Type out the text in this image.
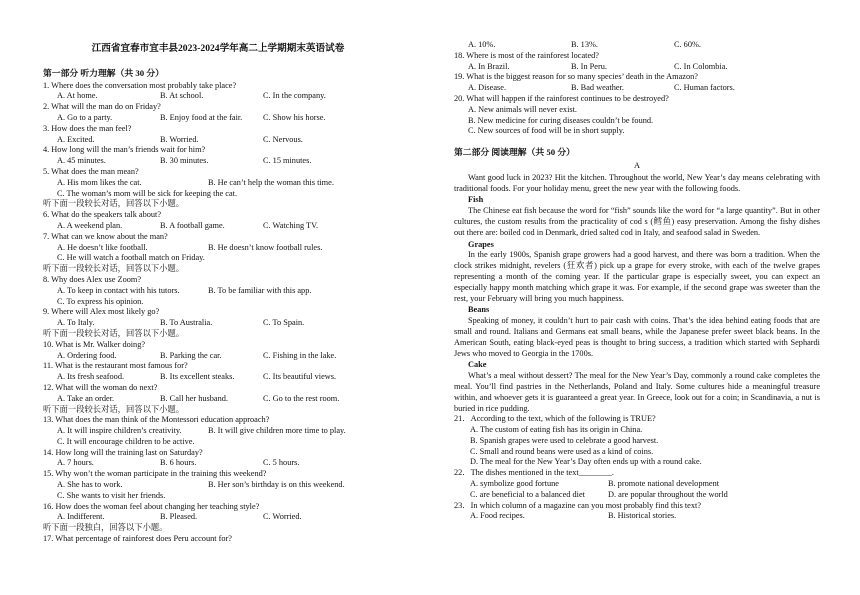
江西省宜春市宜丰县2023-2024学年高二上学期期末英语试卷
第一部分 听力理解（共 30 分）
1. Where does the conversation most probably take place?
A. At home.	B. At school.	C. In the company.
2. What will the man do on Friday?
A. Go to a party.	B. Enjoy food at the fair.	C. Show his horse.
3. How does the man feel?
A. Excited.	B. Worried.	C. Nervous.
4. How long will the man’s friends wait for him?
A. 45 minutes.	B. 30 minutes.	C. 15 minutes.
5. What does the man mean?
A. His mom likes the cat.	B. He can’t help the woman this time.
C. The woman’s mom will be sick for keeping the cat.
听下面一段较长对话，回答以下小题。
6. What do the speakers talk about?
A. A weekend plan.	B. A football game.	C. Watching TV.
7. What can we know about the man?
A. He doesn’t like football.	B. He doesn’t know football rules.
C. He will watch a football match on Friday.
听下面一段较长对话，回答以下小题。
8. Why does Alex use Zoom?
A. To keep in contact with his tutors.	B. To be familiar with this app.
C. To express his opinion.
9. Where will Alex most likely go?
A. To Italy.	B. To Australia.	C. To Spain.
听下面一段较长对话，回答以下小题。
10. What is Mr. Walker doing?
A. Ordering food.	B. Parking the car.	C. Fishing in the lake.
11. What is the restaurant most famous for?
A. Its fresh seafood.	B. Its excellent steaks.	C. Its beautiful views.
12. What will the woman do next?
A. Take an order.	B. Call her husband.	C. Go to the rest room.
听下面一段较长对话，回答以下小题。
13. What does the man think of the Montessori education approach?
A. It will inspire children’s creativity.	B. It will give children more time to play.
C. It will encourage children to be active.
14. How long will the training last on Saturday?
A. 7 hours.	B. 6 hours.	C. 5 hours.
15. Why won’t the woman participate in the training this weekend?
A. She has to work.	B. Her son’s birthday is on this weekend.
C. She wants to visit her friends.
16. How does the woman feel about changing her teaching style?
A. Indifferent.	B. Pleased.	C. Worried.
听下面一段独白，回答以下小题。
17. What percentage of rainforest does Peru account for?
A. 10%.	B. 13%.	C. 60%.
18. Where is most of the rainforest located?
A. In Brazil.	B. In Peru.	C. In Colombia.
19. What is the biggest reason for so many species’ death in the Amazon?
A. Disease.	B. Bad weather.	C. Human factors.
20. What will happen if the rainforest continues to be destroyed?
A. New animals will never exist.
B. New medicine for curing diseases couldn’t be found.
C. New sources of food will be in short supply.
第二部分 阅读理解（共 50 分）
A

Want good luck in 2023? Hit the kitchen. Throughout the world, New Year’s day means celebrating with traditional foods. For your holiday menu, greet the new year with the following foods.

Fish

The Chinese eat fish because the word for “fish” sounds like the word for “a large quantity”. But in other cultures, the custom results from the practicality of cod s (鳕鱼) easy preservation. Among the fishy dishes out there are: boiled cod in Denmark, dried salted cod in Italy, and seafood salad in Sweden.

Grapes

In the early 1900s, Spanish grape growers had a good harvest, and there was born a tradition. When the clock strikes midnight, revelers (狂欢者) pick up a grape for every stroke, with each of the twelve grapes representing a month of the coming year. If the particular grape is especially sweet, you can expect an especially happy month matching which grape it was. For example, if the second grape was sweeter than the rest, your February will bring you much happiness.

Beans

Speaking of money, it couldn’t hurt to pair cash with coins. That’s the idea behind eating foods that are small and round. Italians and Germans eat small beans, while the Japanese prefer sweet black beans. In the American South, eating black-eyed peas is thought to bring success, a tradition which started with Sephardi Jews who moved to Georgia in the 1700s.

Cake

What’s a meal without dessert? The meal for the New Year’s Day, commonly a round cake completes the meal. You’ll find pastries in the Netherlands, Poland and Italy. Some cultures hide a meaningful treasure within, and whoever gets it is guaranteed a great year. In Greece, look out for a coin; in Scandinavia, a nut is buried in rice pudding.

21．According to the text, which of the following is TRUE?
A. The custom of eating fish has its origin in China.
B. Spanish grapes were used to celebrate a good harvest.
C. Small and round beans were used as a kind of coins.
D. The meal for the New Year’s Day often ends up with a round cake.
22．The dishes mentioned in the text________.
A. symbolize good fortune	B. promote national development
C. are beneficial to a balanced diet	D. are popular throughout the world
23．In which column of a magazine can you most probably find this text?
A. Food recipes.	B. Historical stories.
